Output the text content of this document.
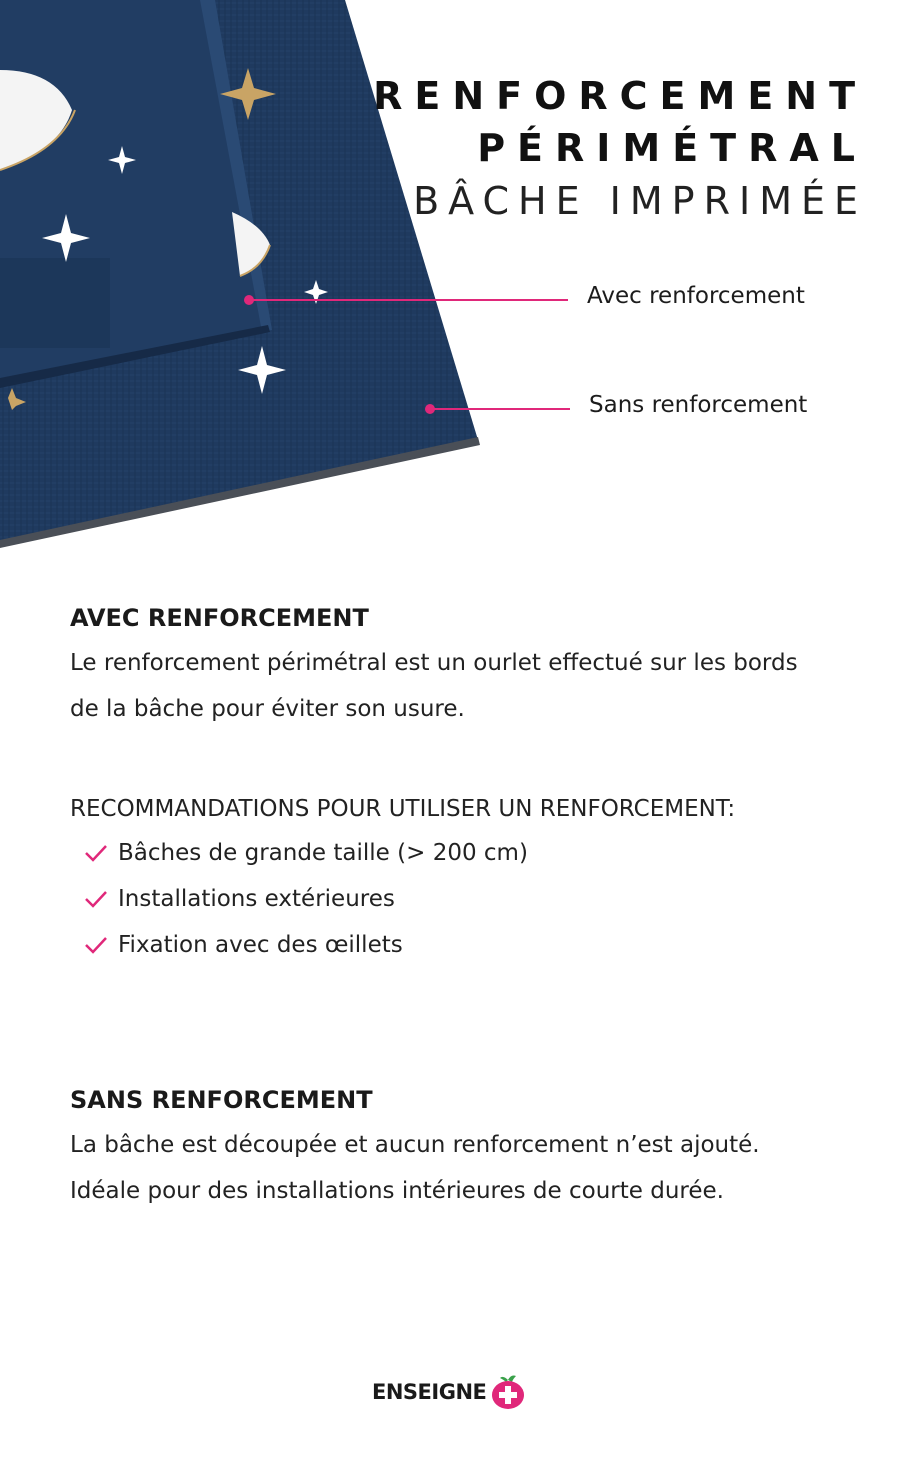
RENFORCEMENT
PÉRIMÉTRAL
BÂCHE IMPRIMÉE
Avec renforcement
Sans renforcement
AVEC RENFORCEMENT
Le renforcement périmétral est un ourlet effectué sur les bords
de la bâche pour éviter son usure.
RECOMMANDATIONS POUR UTILISER UN RENFORCEMENT:
Bâches de grande taille (> 200 cm)
Installations extérieures
Fixation avec des œillets
SANS RENFORCEMENT
La bâche est découpée et aucun renforcement n’est ajouté.
Idéale pour des installations intérieures de courte durée.
ENSEIGNE
